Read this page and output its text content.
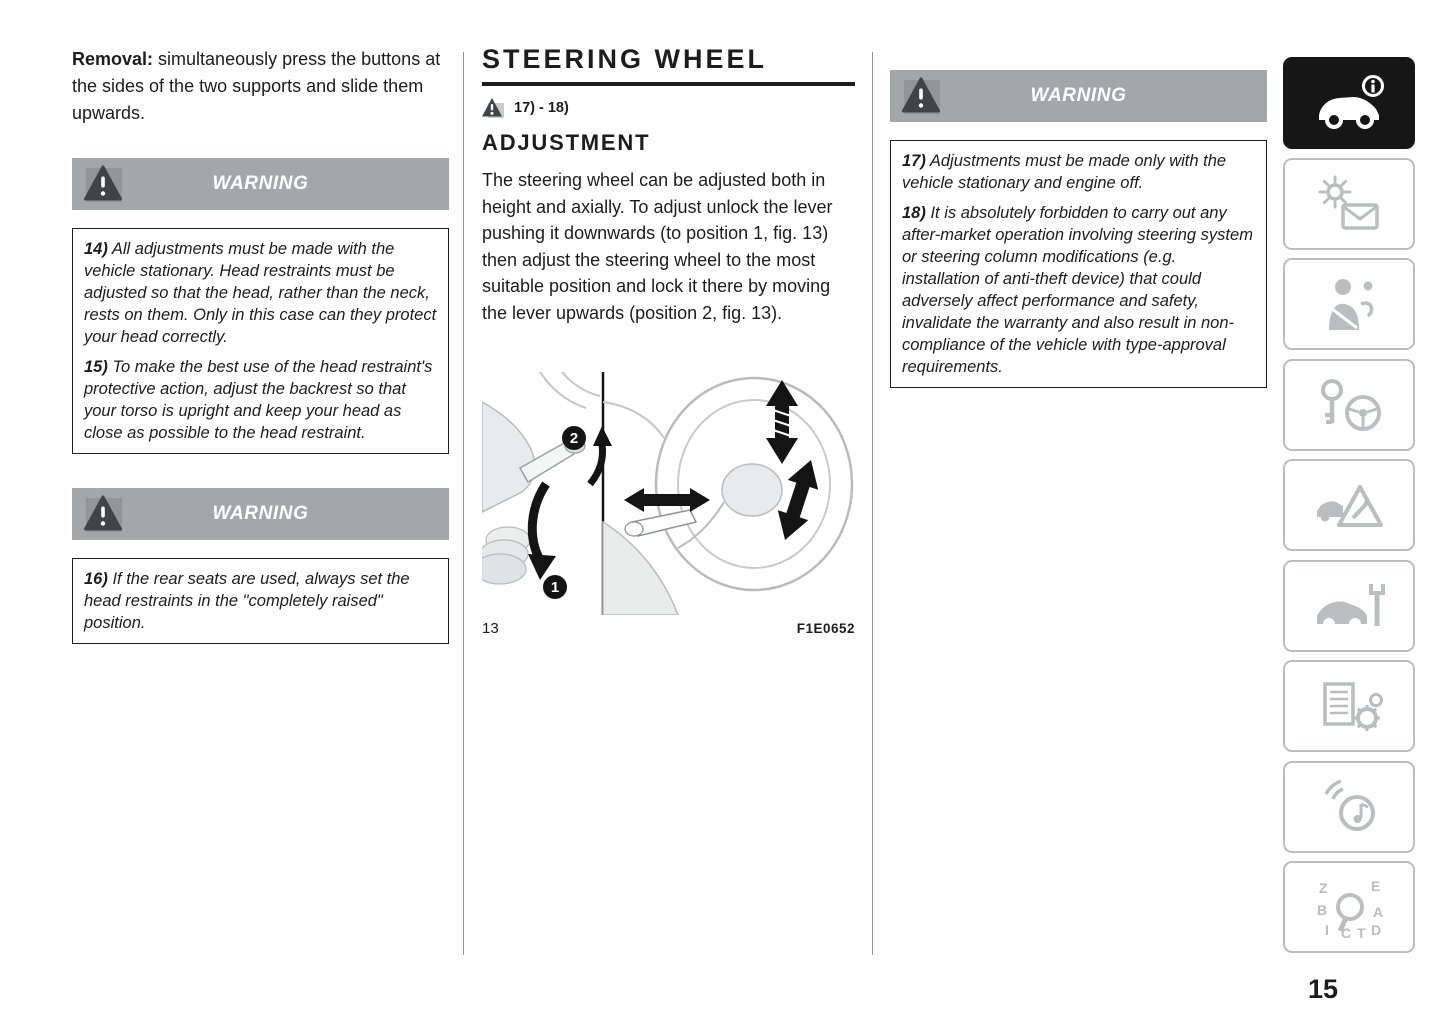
Removal: simultaneously press the buttons at the sides of the two supports and slide them upwards.

WARNING

14) All adjustments must be made with the vehicle stationary. Head restraints must be adjusted so that the head, rather than the neck, rests on them. Only in this case can they protect your head correctly.

15) To make the best use of the head restraint's protective action, adjust the backrest so that your torso is upright and keep your head as close as possible to the head restraint.

WARNING

16) If the rear seats are used, always set the head restraints in the "completely raised" position.

STEERING WHEEL
17) - 18)
ADJUSTMENT

The steering wheel can be adjusted both in height and axially. To adjust unlock the lever pushing it downwards (to position 1, fig. 13) then adjust the steering wheel to the most suitable position and lock it there by moving the lever upwards (position 2, fig. 13).

2
1
13	F1E0652
WARNING

17) Adjustments must be made only with the vehicle stationary and engine off.

18) It is absolutely forbidden to carry out any after-market operation involving steering system or steering column modifications (e.g. installation of anti-theft device) that could adversely affect performance and safety, invalidate the warranty and also result in non-compliance of the vehicle with type-approval requirements.

Z	E
B	A
I C T D
15
